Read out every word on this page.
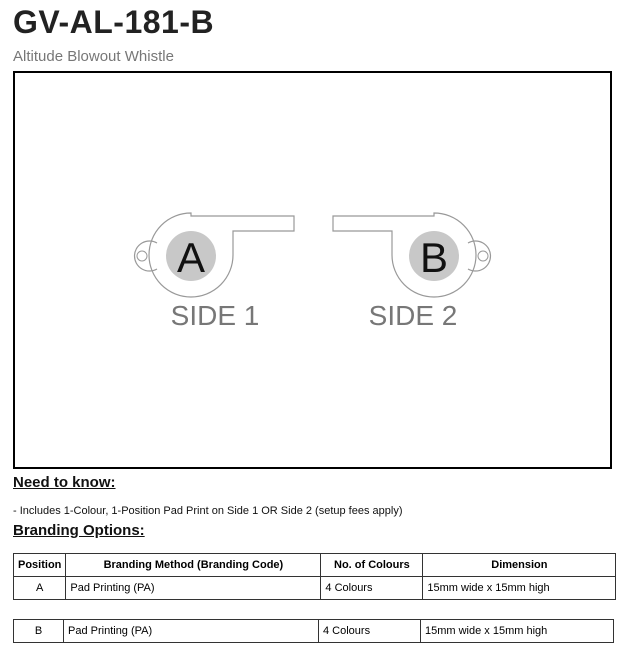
GV-AL-181-B
Altitude Blowout Whistle
A
SIDE 1
B
SIDE 2
Need to know:
- Includes 1-Colour, 1-Position Pad Print on Side 1 OR Side 2 (setup fees apply)
Branding Options:
Position	Branding Method (Branding Code)	No. of Colours	Dimension
A	Pad Printing (PA)	4 Colours	15mm wide x 15mm high
B	Pad Printing (PA)	4 Colours	15mm wide x 15mm high
